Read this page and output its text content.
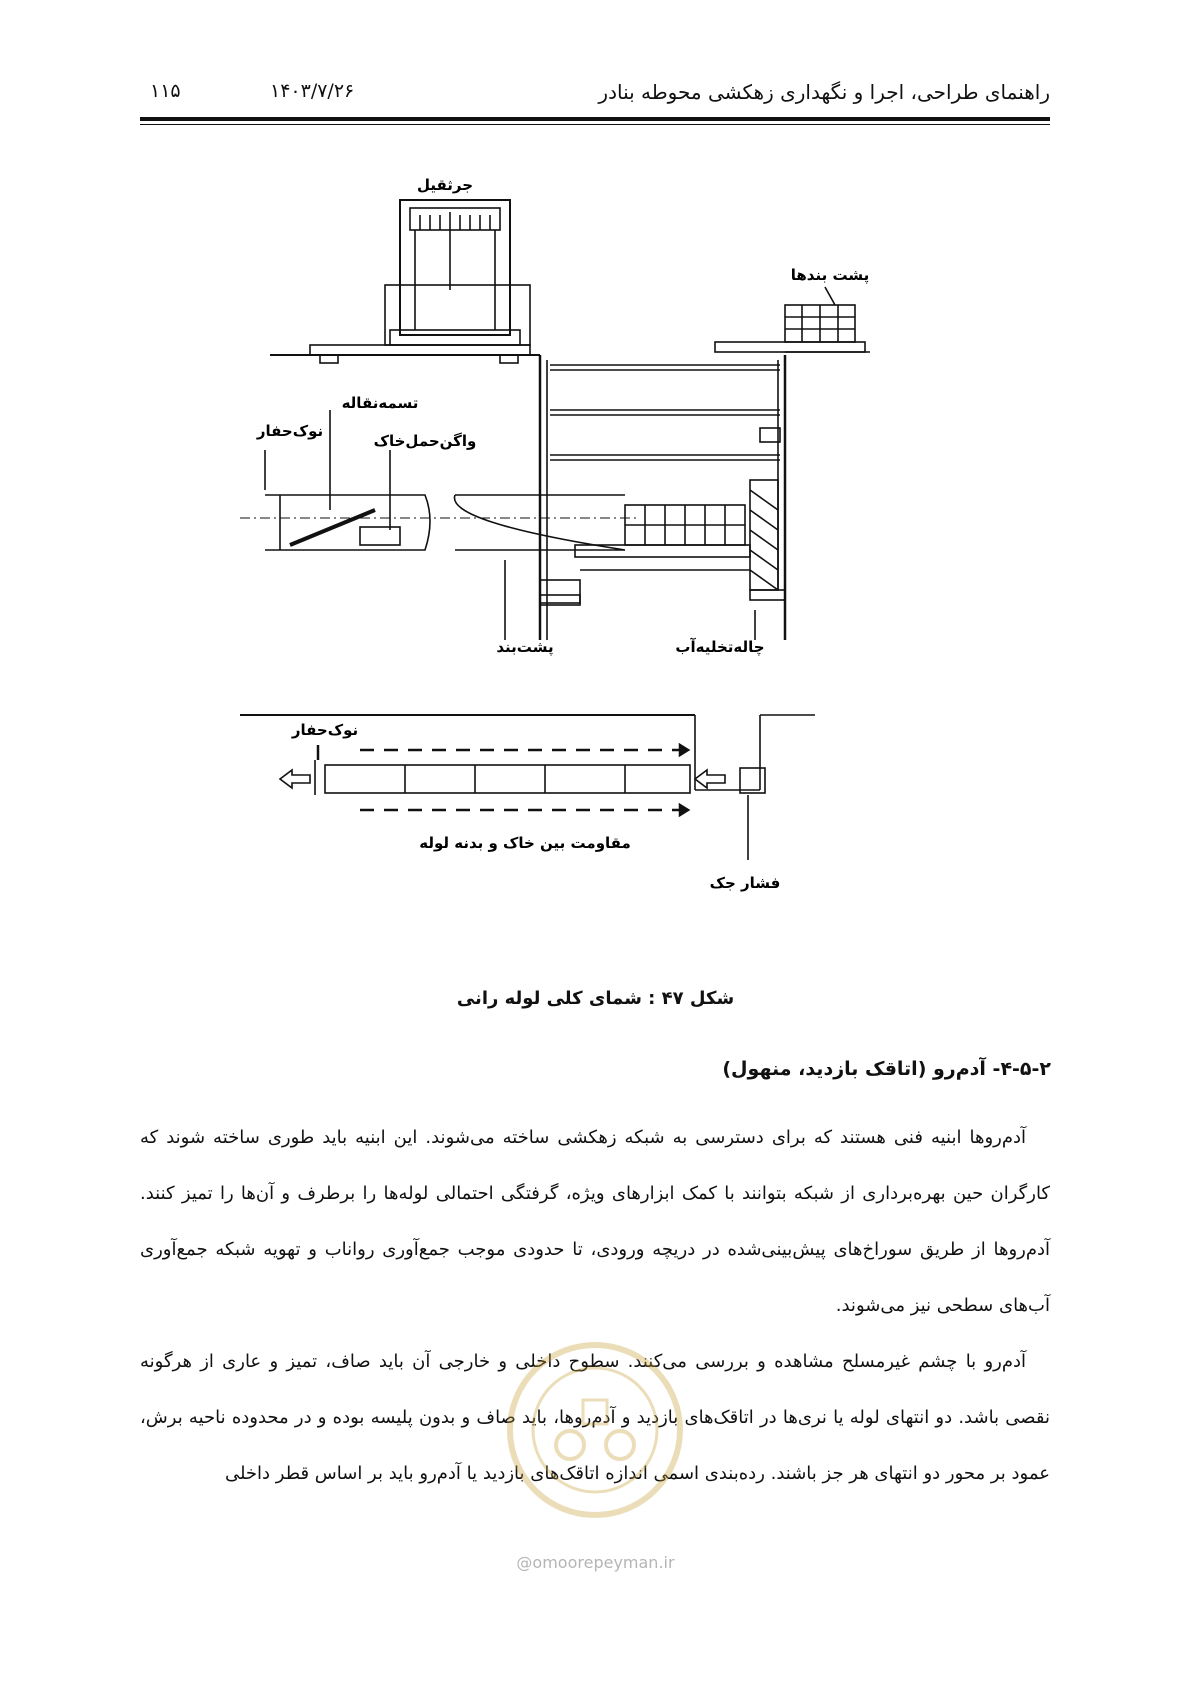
راهنمای طراحی، اجرا و نگهداری زهکشی محوطه بنادر
۱۴۰۳/۷/۲۶
۱۱۵
جرثقیل
پشت بندها
تسمه‌نقاله
نوک‌حفار
واگن‌حمل‌خاک
پشت‌بند	چاله‌تخلیه‌آب
نوک‌حفار
مقاومت بین خاک و بدنه لوله
فشار جک
شکل ۴۷ : شمای کلی لوله رانی
۴-۵-۲- آدم‌رو (اتاقک بازدید، منهول)

آدم‌روها ابنیه فنی هستند که برای دسترسی به شبکه زهکشی ساخته می‌شوند. این ابنیه باید طوری ساخته شوند که کارگران حین بهره‌برداری از شبکه بتوانند با کمک ابزارهای ویژه، گرفتگی احتمالی لوله‌ها را برطرف و آن‌ها را تمیز کنند. آدم‌روها از طریق سوراخ‌های پیش‌بینی‌شده در دریچه ورودی، تا حدودی موجب جمع‌آوری رواناب و تهویه شبکه جمع‌آوری آب‌های سطحی نیز می‌شوند.

آدم‌رو با چشم غیرمسلح مشاهده و بررسی می‌کنند. سطوح داخلی و خارجی آن باید صاف، تمیز و عاری از هرگونه نقصی باشد. دو انتهای لوله یا نری‌ها در اتاقک‌های بازدید و آدم‌روها، باید صاف و بدون پلیسه بوده و در محدوده ناحیه برش، عمود بر محور دو انتهای هر جز باشند. رده‌بندی اسمی اندازه اتاقک‌های بازدید یا آدم‌رو باید بر اساس قطر داخلی

@omoorepeyman.ir
